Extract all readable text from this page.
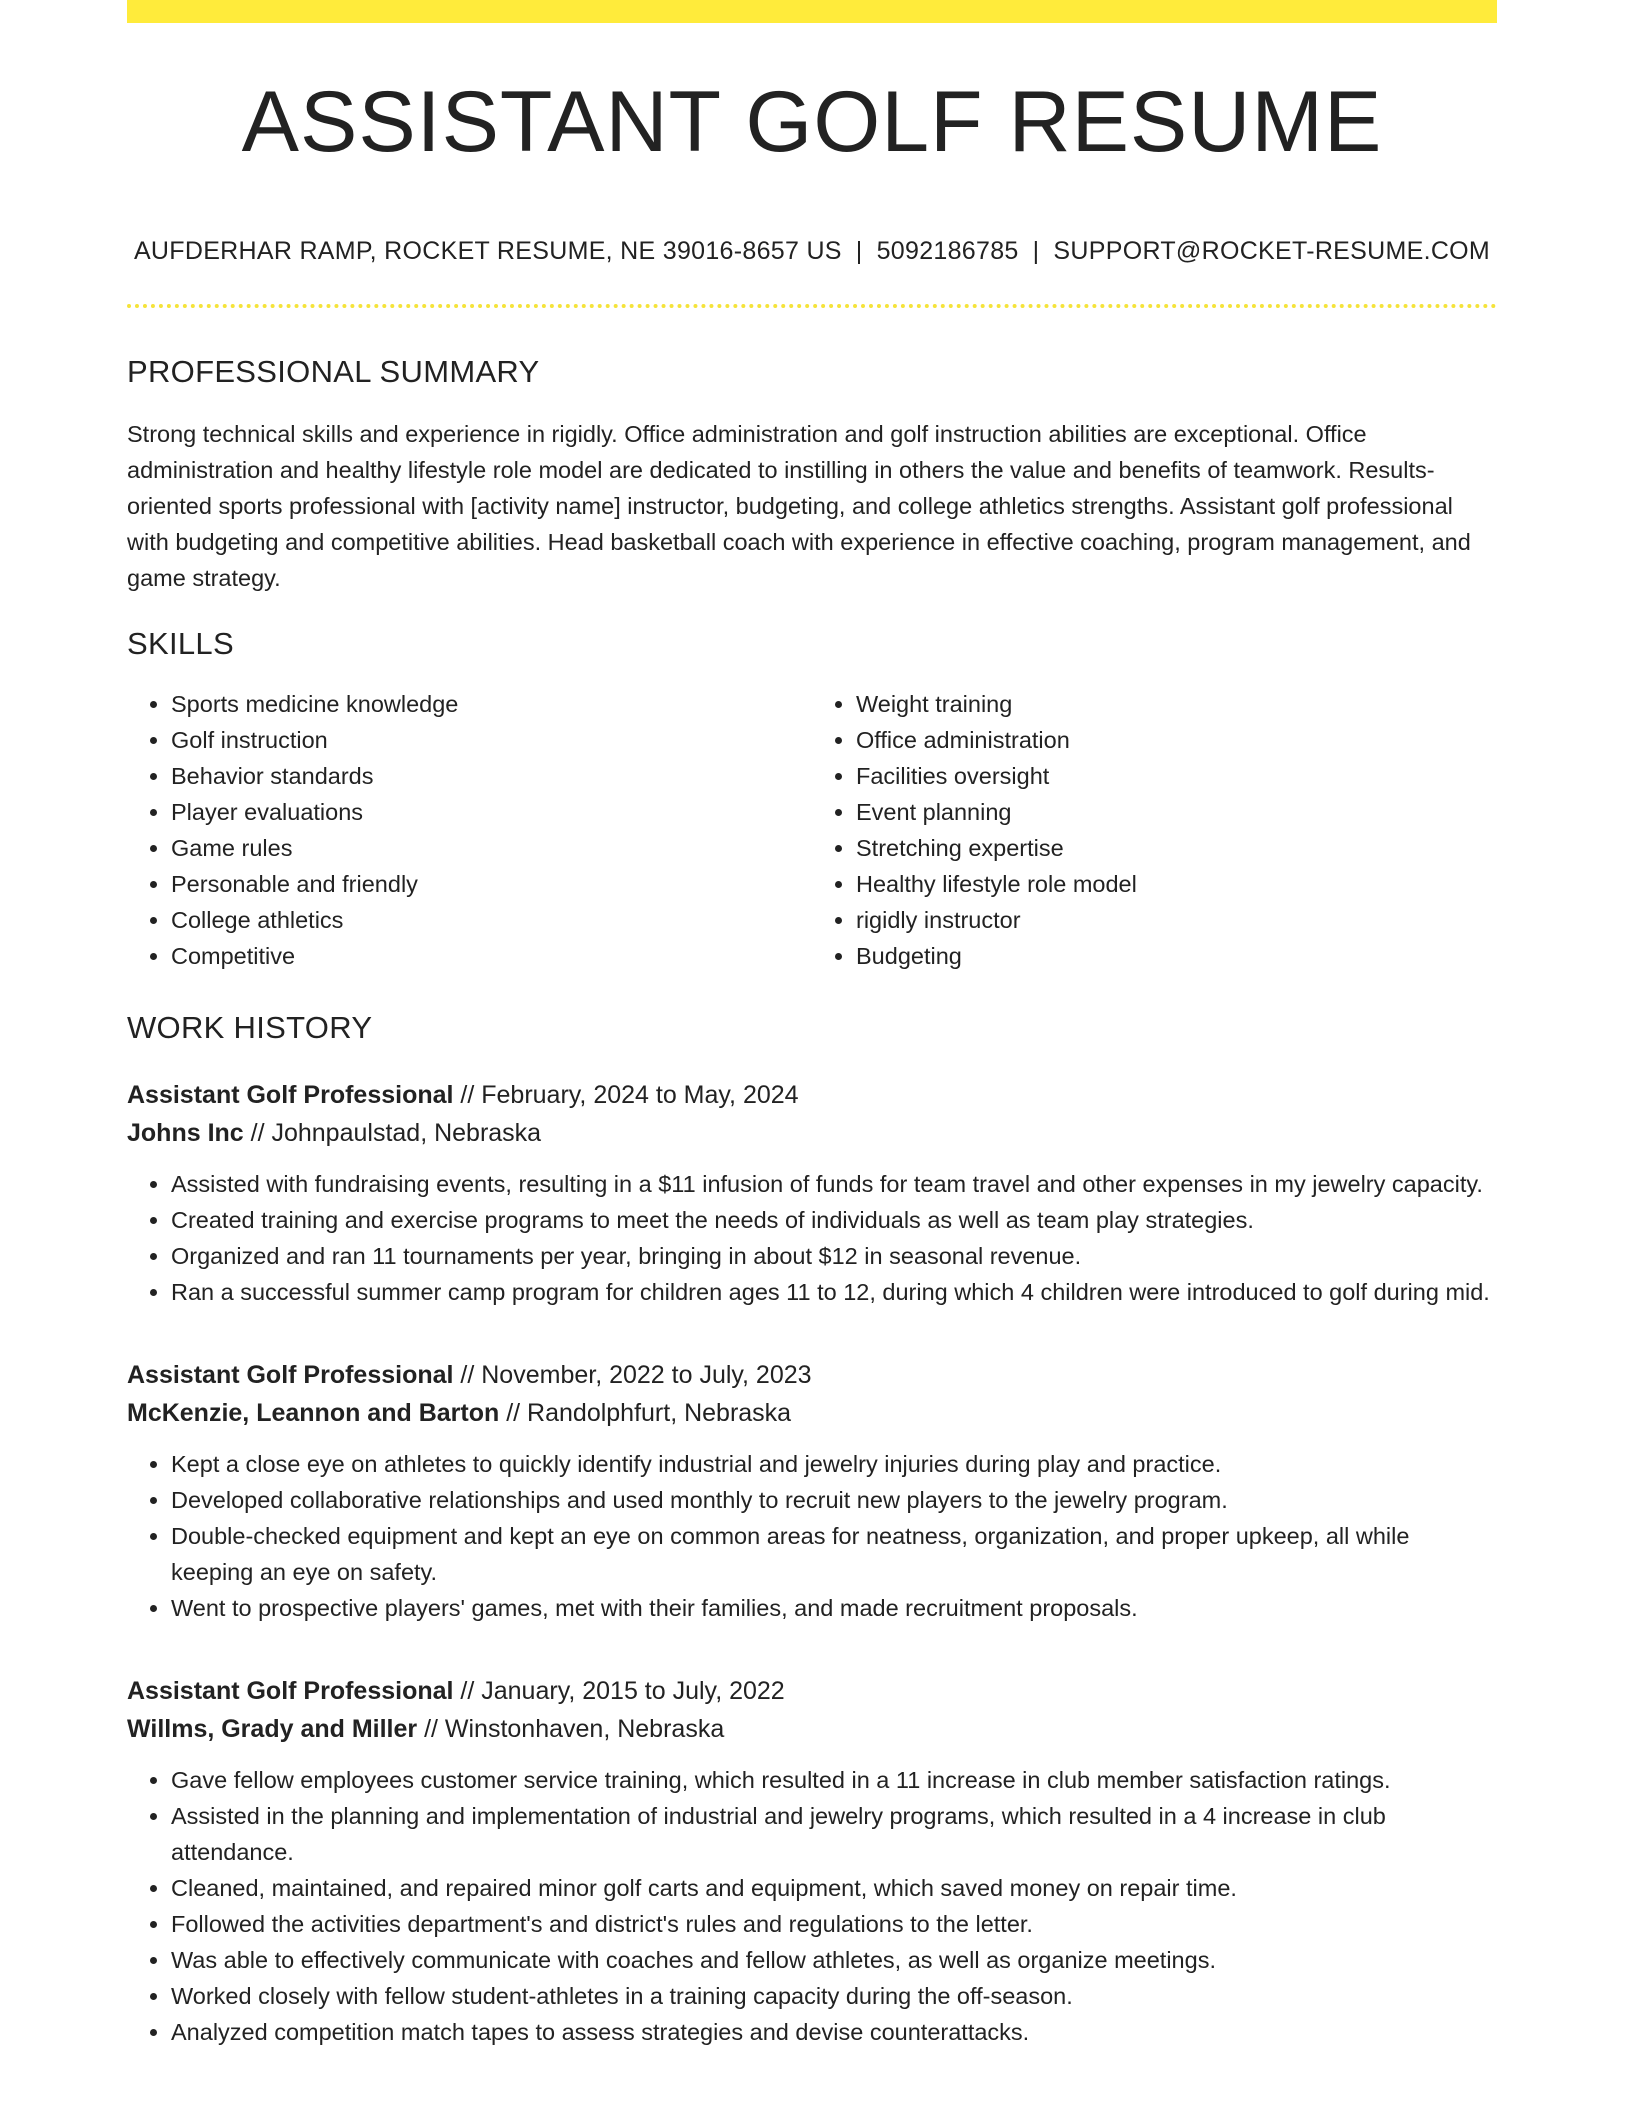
ASSISTANT GOLF RESUME
AUFDERHAR RAMP, ROCKET RESUME, NE 39016-8657 US | 5092186785 | SUPPORT@ROCKET-RESUME.COM
PROFESSIONAL SUMMARY

Strong technical skills and experience in rigidly. Office administration and golf instruction abilities are exceptional. Office administration and healthy lifestyle role model are dedicated to instilling in others the value and benefits of teamwork. Results-oriented sports professional with [activity name] instructor, budgeting, and college athletics strengths. Assistant golf professional with budgeting and competitive abilities. Head basketball coach with experience in effective coaching, program management, and game strategy.

SKILLS
• Sports medicine knowledge
• Golf instruction
• Behavior standards
• Player evaluations
• Game rules
• Personable and friendly
• College athletics
• Competitive
• Weight training
• Office administration
• Facilities oversight
• Event planning
• Stretching expertise
• Healthy lifestyle role model
• rigidly instructor
• Budgeting
WORK HISTORY
Assistant Golf Professional // February, 2024 to May, 2024
Johns Inc // Johnpaulstad, Nebraska
• Assisted with fundraising events, resulting in a $11 infusion of funds for team travel and other expenses in my jewelry capacity.
• Created training and exercise programs to meet the needs of individuals as well as team play strategies.
• Organized and ran 11 tournaments per year, bringing in about $12 in seasonal revenue.
• Ran a successful summer camp program for children ages 11 to 12, during which 4 children were introduced to golf during mid.
Assistant Golf Professional // November, 2022 to July, 2023
McKenzie, Leannon and Barton // Randolphfurt, Nebraska
• Kept a close eye on athletes to quickly identify industrial and jewelry injuries during play and practice.
• Developed collaborative relationships and used monthly to recruit new players to the jewelry program.
• Double-checked equipment and kept an eye on common areas for neatness, organization, and proper upkeep, all while keeping an eye on safety.
• Went to prospective players' games, met with their families, and made recruitment proposals.
Assistant Golf Professional // January, 2015 to July, 2022
Willms, Grady and Miller // Winstonhaven, Nebraska
• Gave fellow employees customer service training, which resulted in a 11 increase in club member satisfaction ratings.
• Assisted in the planning and implementation of industrial and jewelry programs, which resulted in a 4 increase in club attendance.
• Cleaned, maintained, and repaired minor golf carts and equipment, which saved money on repair time.
• Followed the activities department's and district's rules and regulations to the letter.
• Was able to effectively communicate with coaches and fellow athletes, as well as organize meetings.
• Worked closely with fellow student-athletes in a training capacity during the off-season.
• Analyzed competition match tapes to assess strategies and devise counterattacks.
